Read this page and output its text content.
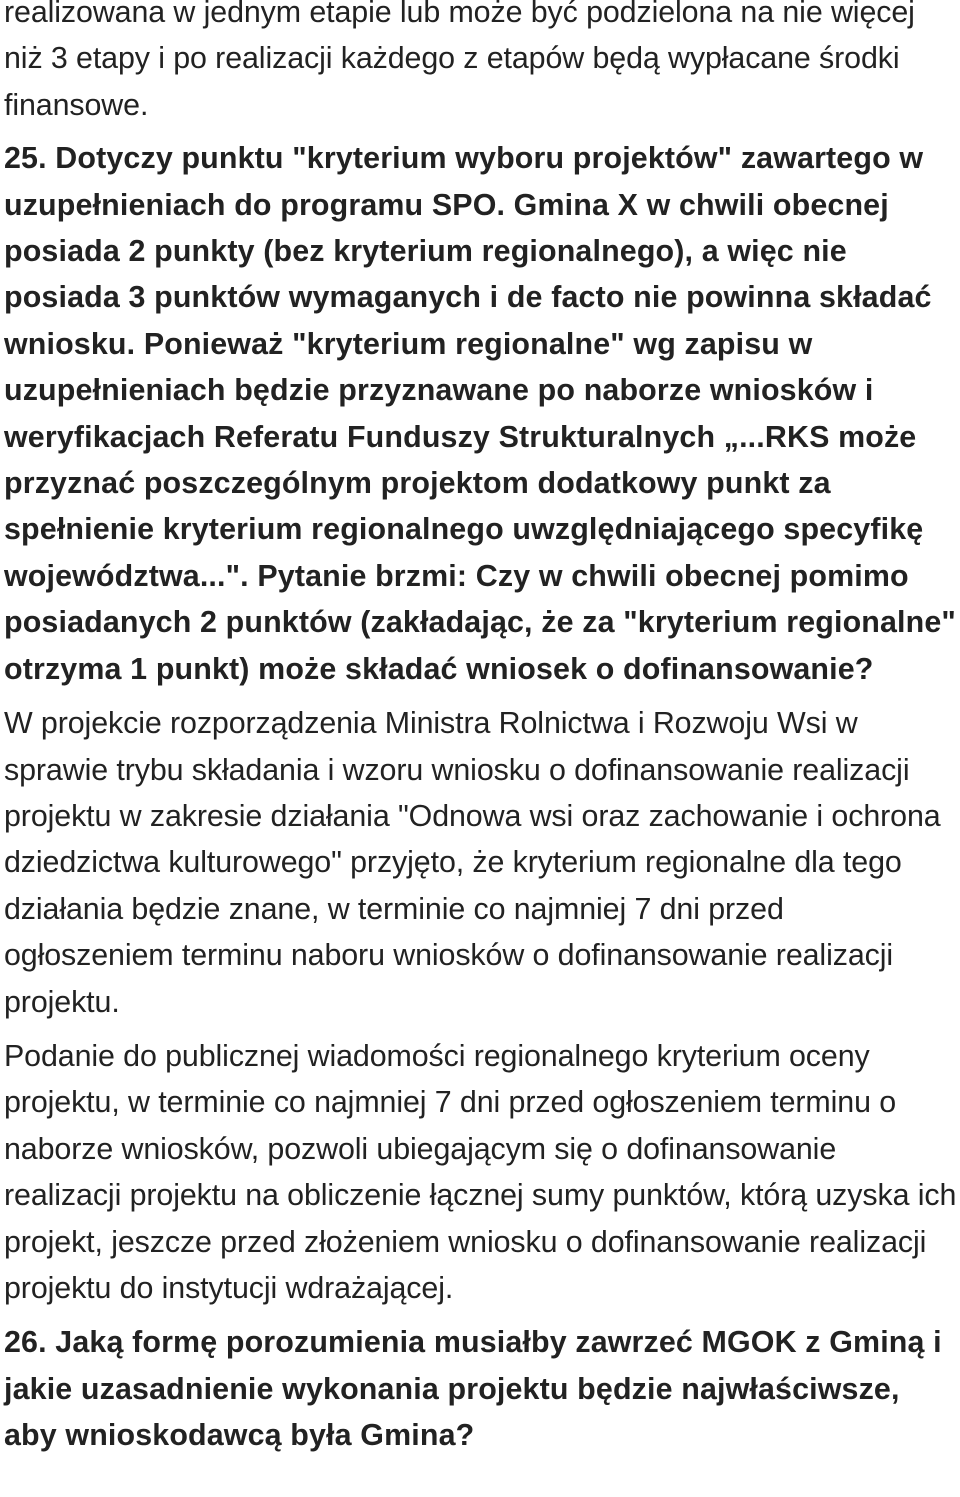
realizowana w jednym etapie lub może być podzielona na nie więcej niż 3 etapy i po realizacji każdego z etapów będą wypłacane środki finansowe.

25. Dotyczy punktu "kryterium wyboru projektów" zawartego w uzupełnieniach do programu SPO. Gmina X w chwili obecnej posiada 2 punkty (bez kryterium regionalnego), a więc nie posiada 3 punktów wymaganych i de facto nie powinna składać wniosku. Ponieważ "kryterium regionalne" wg zapisu w uzupełnieniach będzie przyznawane po naborze wniosków i weryfikacjach Referatu Funduszy Strukturalnych „...RKS może przyznać poszczególnym projektom dodatkowy punkt za spełnienie kryterium regionalnego uwzględniającego specyfikę województwa...". Pytanie brzmi: Czy w chwili obecnej pomimo posiadanych 2 punktów (zakładając, że za "kryterium regionalne" otrzyma 1 punkt) może składać wniosek o dofinansowanie?

W projekcie rozporządzenia Ministra Rolnictwa i Rozwoju Wsi w sprawie trybu składania i wzoru wniosku o dofinansowanie realizacji projektu w zakresie działania "Odnowa wsi oraz zachowanie i ochrona dziedzictwa kulturowego" przyjęto, że kryterium regionalne dla tego działania będzie znane, w terminie co najmniej 7 dni przed ogłoszeniem terminu naboru wniosków o dofinansowanie realizacji projektu.

Podanie do publicznej wiadomości regionalnego kryterium oceny projektu, w terminie co najmniej 7 dni przed ogłoszeniem terminu o naborze wniosków, pozwoli ubiegającym się o dofinansowanie realizacji projektu na obliczenie łącznej sumy punktów, którą uzyska ich projekt, jeszcze przed złożeniem wniosku o dofinansowanie realizacji projektu do instytucji wdrażającej.

26. Jaką formę porozumienia musiałby zawrzeć MGOK z Gminą i jakie uzasadnienie wykonania projektu będzie najwłaściwsze, aby wnioskodawcą była Gmina?
